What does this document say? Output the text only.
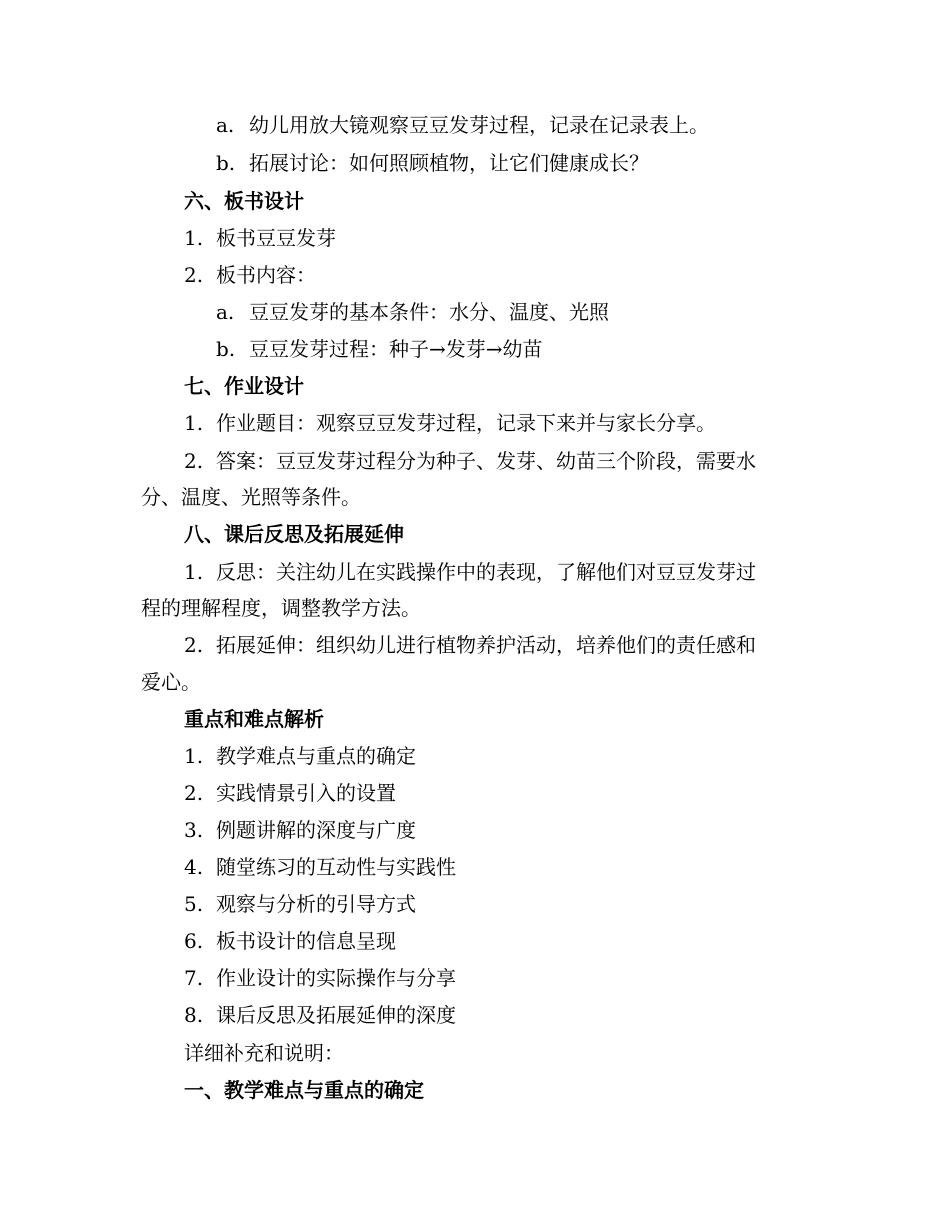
a. 幼儿用放大镜观察豆豆发芽过程，记录在记录表上。
b. 拓展讨论：如何照顾植物，让它们健康成长？
六、板书设计
1. 板书豆豆发芽
2. 板书内容：
a. 豆豆发芽的基本条件：水分、温度、光照
b. 豆豆发芽过程：种子→发芽→幼苗
七、作业设计
1. 作业题目：观察豆豆发芽过程，记录下来并与家长分享。
2. 答案：豆豆发芽过程分为种子、发芽、幼苗三个阶段，需要水
分、温度、光照等条件。
八、课后反思及拓展延伸
1. 反思：关注幼儿在实践操作中的表现，了解他们对豆豆发芽过
程的理解程度，调整教学方法。
2. 拓展延伸：组织幼儿进行植物养护活动，培养他们的责任感和
爱心。
重点和难点解析
1. 教学难点与重点的确定
2. 实践情景引入的设置
3. 例题讲解的深度与广度
4. 随堂练习的互动性与实践性
5. 观察与分析的引导方式
6. 板书设计的信息呈现
7. 作业设计的实际操作与分享
8. 课后反思及拓展延伸的深度
详细补充和说明：
一、教学难点与重点的确定
